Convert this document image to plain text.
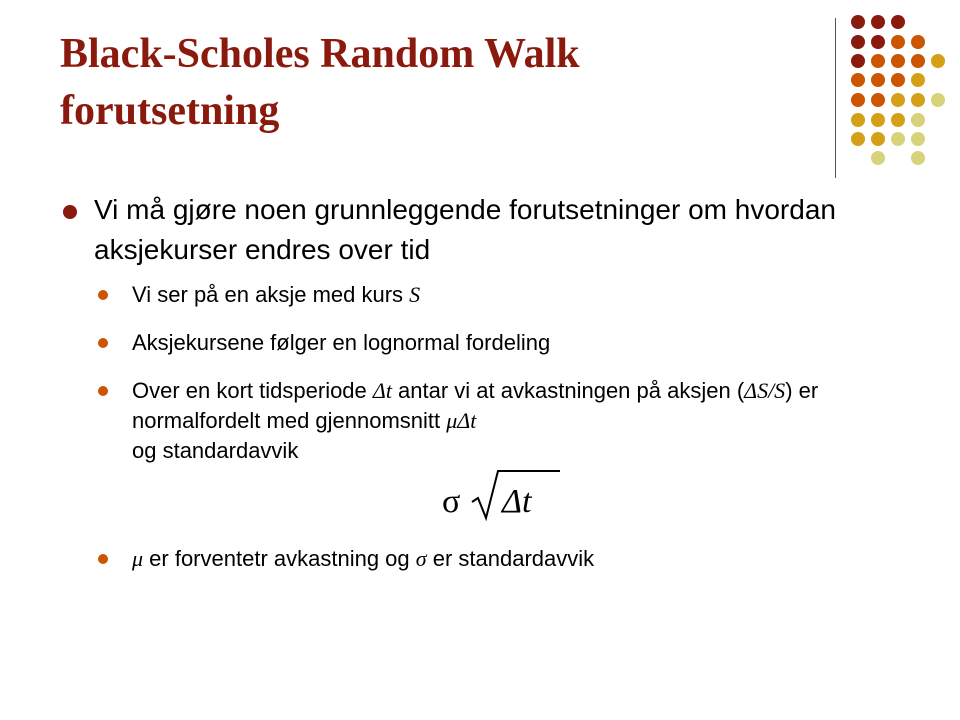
Black-Scholes Random Walk forutsetning
Vi må gjøre noen grunnleggende forutsetninger om hvordan aksjekurser endres over tid
Vi ser på en aksje med kurs S
Aksjekursene følger en lognormal fordeling
Over en kort tidsperiode Δt antar vi at avkastningen på aksjen (ΔS/S) er normalfordelt med gjennomsnitt μΔt
og standardavvik
σ Δt
μ er forventetr avkastning og σ er standardavvik
